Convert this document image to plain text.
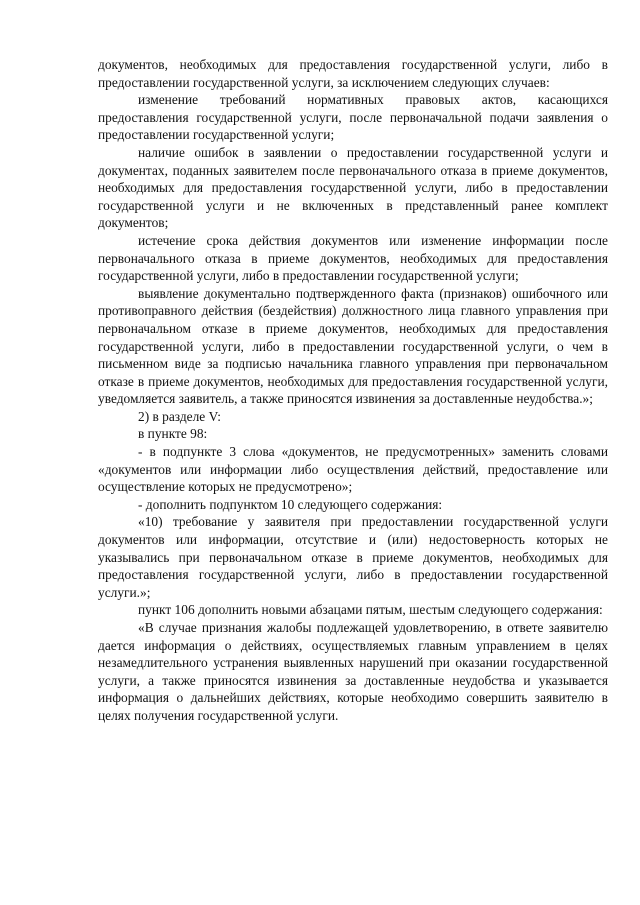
документов, необходимых для предоставления государственной услуги, либо в предоставлении государственной услуги, за исключением следующих случаев:

изменение требований нормативных правовых актов, касающихся предоставления государственной услуги, после первоначальной подачи заявления о предоставлении государственной услуги;

наличие ошибок в заявлении о предоставлении государственной услуги и документах, поданных заявителем после первоначального отказа в приеме документов, необходимых для предоставления государственной услуги, либо в предоставлении государственной услуги и не включенных в представленный ранее комплект документов;

истечение срока действия документов или изменение информации после первоначального отказа в приеме документов, необходимых для предоставления государственной услуги, либо в предоставлении государственной услуги;

выявление документально подтвержденного факта (признаков) ошибочного или противоправного действия (бездействия) должностного лица главного управления при первоначальном отказе в приеме документов, необходимых для предоставления государственной услуги, либо в предоставлении государственной услуги, о чем в письменном виде за подписью начальника главного управления при первоначальном отказе в приеме документов, необходимых для предоставления государственной услуги, уведомляется заявитель, а также приносятся извинения за доставленные неудобства.»;

2) в разделе V:

в пункте 98:

- в подпункте 3 слова «документов, не предусмотренных» заменить словами «документов или информации либо осуществления действий, предоставление или осуществление которых не предусмотрено»;

- дополнить подпунктом 10 следующего содержания:

«10) требование у заявителя при предоставлении государственной услуги документов или информации, отсутствие и (или) недостоверность которых не указывались при первоначальном отказе в приеме документов, необходимых для предоставления государственной услуги, либо в предоставлении государственной услуги.»;

пункт 106 дополнить новыми абзацами пятым, шестым следующего содержания:

«В случае признания жалобы подлежащей удовлетворению, в ответе заявителю дается информация о действиях, осуществляемых главным управлением в целях незамедлительного устранения выявленных нарушений при оказании государственной услуги, а также приносятся извинения за доставленные неудобства и указывается информация о дальнейших действиях, которые необходимо совершить заявителю в целях получения государственной услуги.
